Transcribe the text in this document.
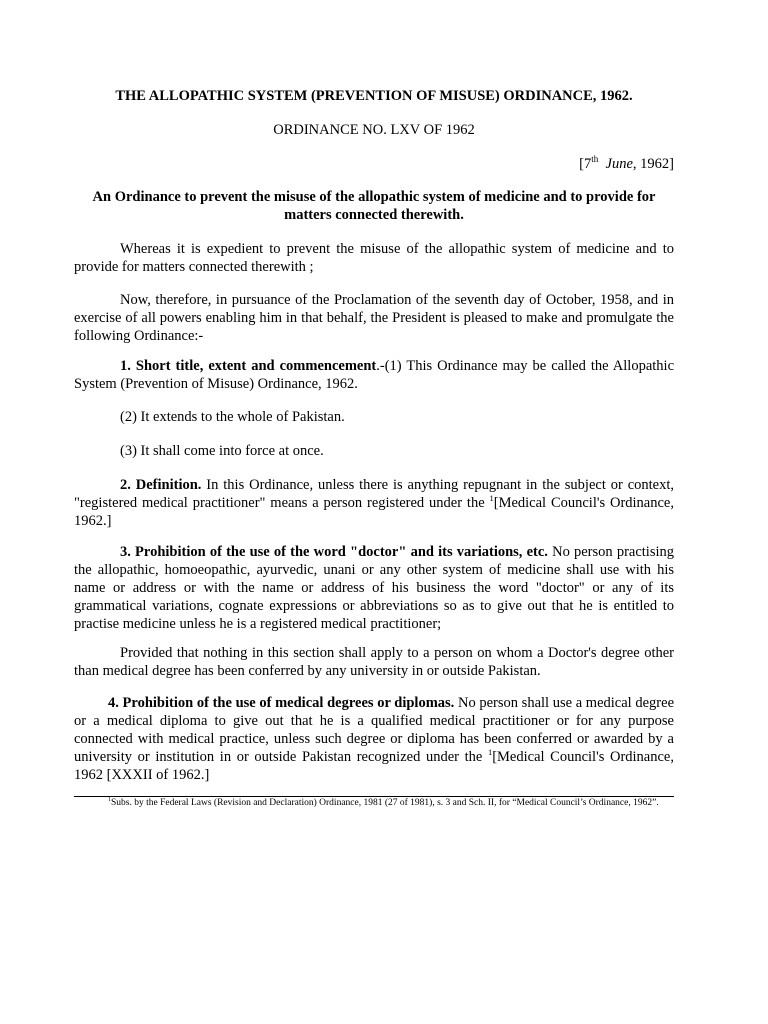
THE ALLOPATHIC SYSTEM (PREVENTION OF MISUSE) ORDINANCE, 1962.

ORDINANCE NO. LXV OF 1962

[7th June, 1962]

An Ordinance to prevent the misuse of the allopathic system of medicine and to provide for matters connected therewith.

Whereas it is expedient to prevent the misuse of the allopathic system of medicine and to provide for matters connected therewith ;

Now, therefore, in pursuance of the Proclamation of the seventh day of October, 1958, and in exercise of all powers enabling him in that behalf, the President is pleased to make and promulgate the following Ordinance:-

1. Short title, extent and commencement.-(1) This Ordinance may be called the Allopathic System (Prevention of Misuse) Ordinance, 1962.

(2) It extends to the whole of Pakistan.

(3) It shall come into force at once.

2. Definition. In this Ordinance, unless there is anything repugnant in the subject or context, "registered medical practitioner" means a person registered under the $^1$[Medical Council's Ordinance, 1962.]

3. Prohibition of the use of the word "doctor" and its variations, etc. No person practising the allopathic, homoeopathic, ayurvedic, unani or any other system of medicine shall use with his name or address or with the name or address of his business the word "doctor" or any of its grammatical variations, cognate expressions or abbreviations so as to give out that he is entitled to practise medicine unless he is a registered medical practitioner;

Provided that nothing in this section shall apply to a person on whom a Doctor's degree other than medical degree has been conferred by any university in or outside Pakistan.

4. Prohibition of the use of medical degrees or diplomas. No person shall use a medical degree or a medical diploma to give out that he is a qualified medical practitioner or for any purpose connected with medical practice, unless such degree or diploma has been conferred or awarded by a university or institution in or outside Pakistan recognized under the $^1$[Medical Council's Ordinance, 1962 [XXXII of 1962.]

$^1$Subs. by the Federal Laws (Revision and Declaration) Ordinance, 1981 (27 of 1981), s. 3 and Sch. II, for “Medical Council’s Ordinance, 1962”.
